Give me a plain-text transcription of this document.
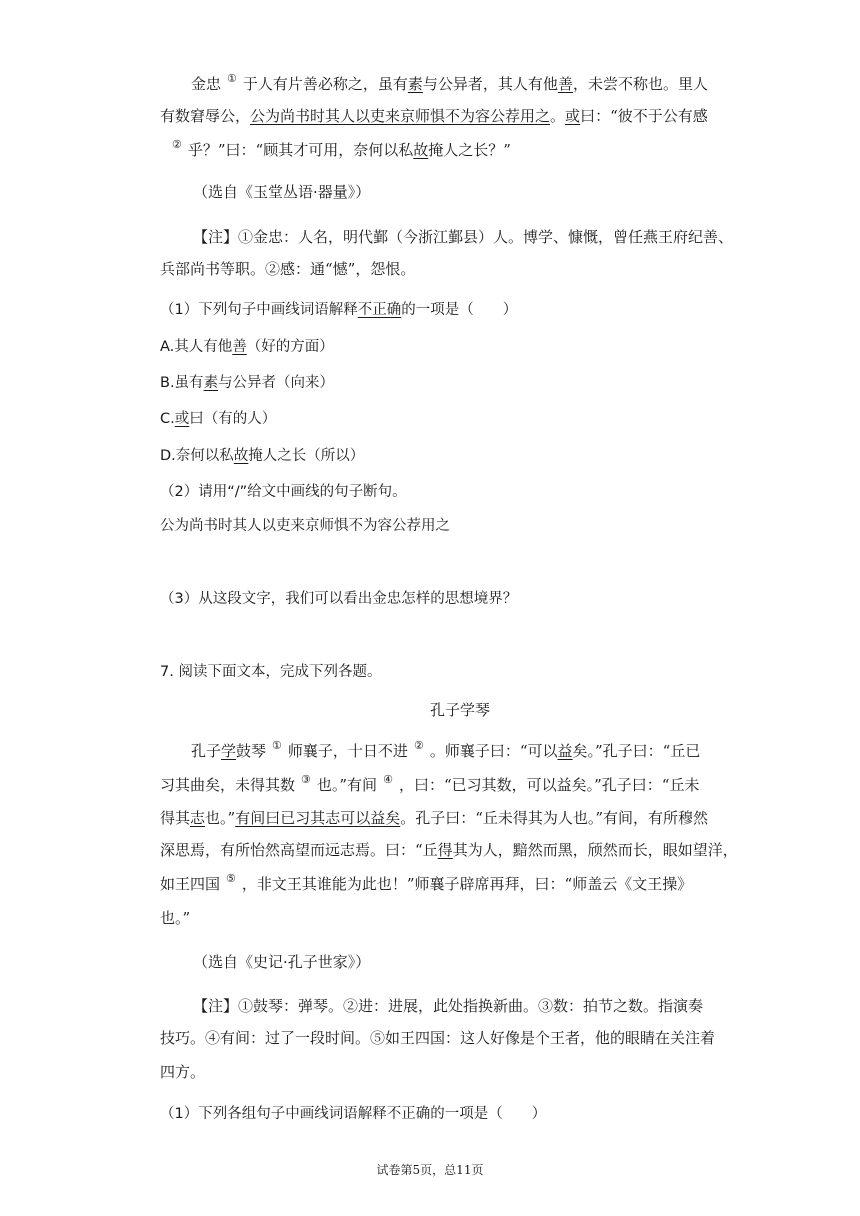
金忠 ① 于人有片善必称之，虽有素与公异者，其人有他善，未尝不称也。里人
有数窘辱公，公为尚书时其人以吏来京师惧不为容公荐用之。或曰：“彼不于公有感
② 乎？”曰：“顾其才可用，奈何以私故掩人之长？”
（选自《玉堂丛语·器量》）
【注】①金忠：人名，明代鄞（今浙江鄞县）人。博学、慷慨，曾任燕王府纪善、
兵部尚书等职。②感：通“憾”，怨恨。
（1）下列句子中画线词语解释不正确的一项是（　　）
A.其人有他善（好的方面）
B.虽有素与公异者（向来）
C.或曰（有的人）
D.奈何以私故掩人之长（所以）
（2）请用“/”给文中画线的句子断句。
公为尚书时其人以吏来京师惧不为容公荐用之
（3）从这段文字，我们可以看出金忠怎样的思想境界？
7. 阅读下面文本，完成下列各题。
孔子学琴
孔子学鼓琴 ① 师襄子，十日不进 ② 。师襄子曰：“可以益矣。”孔子曰：“丘已
习其曲矣，未得其数 ③ 也。”有间 ④ ，曰：“已习其数，可以益矣。”孔子曰：“丘未
得其志也。”有间曰已习其志可以益矣。孔子曰：“丘未得其为人也。”有间，有所穆然
深思焉，有所怡然高望而远志焉。曰：“丘得其为人，黯然而黑，颀然而长，眼如望洋，
如王四国 ⑤ ，非文王其谁能为此也！”师襄子辟席再拜，曰：“师盖云《文王操》
也。”
（选自《史记·孔子世家》）
【注】①鼓琴：弹琴。②进：进展，此处指换新曲。③数：拍节之数。指演奏
技巧。④有间：过了一段时间。⑤如王四国：这人好像是个王者，他的眼睛在关注着
四方。
（1）下列各组句子中画线词语解释不正确的一项是（　　）
试卷第5页，总11页
